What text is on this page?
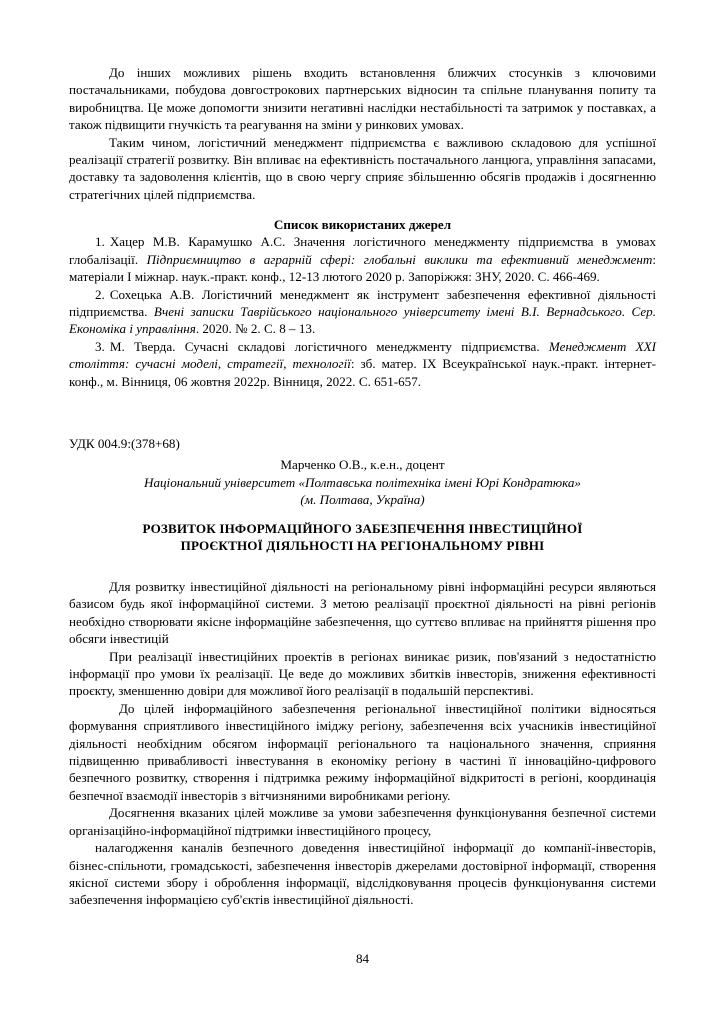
До інших можливих рішень входить встановлення ближчих стосунків з ключовими постачальниками, побудова довгострокових партнерських відносин та спільне планування попиту та виробництва. Це може допомогти знизити негативні наслідки нестабільності та затримок у поставках, а також підвищити гнучкість та реагування на зміни у ринкових умовах.

Таким чином, логістичний менеджмент підприємства є важливою складовою для успішної реалізації стратегії розвитку. Він впливає на ефективність постачального ланцюга, управління запасами, доставку та задоволення клієнтів, що в свою чергу сприяє збільшенню обсягів продажів і досягненню стратегічних цілей підприємства.

Список використаних джерел

1. Хацер М.В. Карамушко А.С. Значення логістичного менеджменту підприємства в умовах глобалізації. Підприємництво в аграрній сфері: глобальні виклики та ефективний менеджмент: матеріали І міжнар. наук.-практ. конф., 12-13 лютого 2020 р. Запоріжжя: ЗНУ, 2020. С. 466-469.

2. Сохецька А.В. Логістичний менеджмент як інструмент забезпечення ефективної діяльності підприємства. Вчені записки Таврійського національного університету імені В.І. Вернадського. Сер. Економіка і управління. 2020. № 2. С. 8 – 13.

3. М. Тверда. Сучасні складові логістичного менеджменту підприємства. Менеджмент ХХІ століття: сучасні моделі, стратегії, технології: зб. матер. ІХ Всеукраїнської наук.-практ. інтернет-конф., м. Вінниця, 06 жовтня 2022р. Вінниця, 2022. С. 651-657.

УДК 004.9:(378+68)

Марченко О.В., к.е.н., доцент

Національний університет «Полтавська політехніка імені Юрі Кондратюка»

(м. Полтава, Україна)

РОЗВИТОК ІНФОРМАЦІЙНОГО ЗАБЕЗПЕЧЕННЯ ІНВЕСТИЦІЙНОЇ

ПРОЄКТНОЇ ДІЯЛЬНОСТІ НА РЕГІОНАЛЬНОМУ РІВНІ

Для розвитку інвестиційної діяльності на регіональному рівні інформаційні ресурси являються базисом будь якої інформаційної системи. З метою реалізації проєктної діяльності на рівні регіонів необхідно створювати якісне інформаційне забезпечення, що суттєво впливає на прийняття рішення про обсяги інвестицій

При реалізації інвестиційних проектів в регіонах виникає ризик, пов'язаний з недостатністю інформації про умови їх реалізації. Це веде до можливих збитків інвесторів, зниження ефективності проєкту, зменшенню довіри для можливої його реалізації в подальшій перспективі.

До цілей інформаційного забезпечення регіональної інвестиційної політики відносяться формування сприятливого інвестиційного іміджу регіону, забезпечення всіх учасників інвестиційної діяльності необхідним обсягом інформації регіонального та національного значення, сприяння підвищенню привабливості інвестування в економіку регіону в частині її інноваційно-цифрового безпечного розвитку, створення і підтримка режиму інформаційної відкритості в регіоні, координація безпечної взаємодії інвесторів з вітчизняними виробниками регіону.

Досягнення вказаних цілей можливе за умови забезпечення функціонування безпечної системи організаційно-інформаційної підтримки інвестиційного процесу,

налагодження каналів безпечного доведення інвестиційної інформації до компанії-інвесторів, бізнес-спільноти, громадськості, забезпечення інвесторів джерелами достовірної інформації, створення якісної системи збору і оброблення інформації, відслідковування процесів функціонування системи забезпечення інформацією суб'єктів інвестиційної діяльності.

84
